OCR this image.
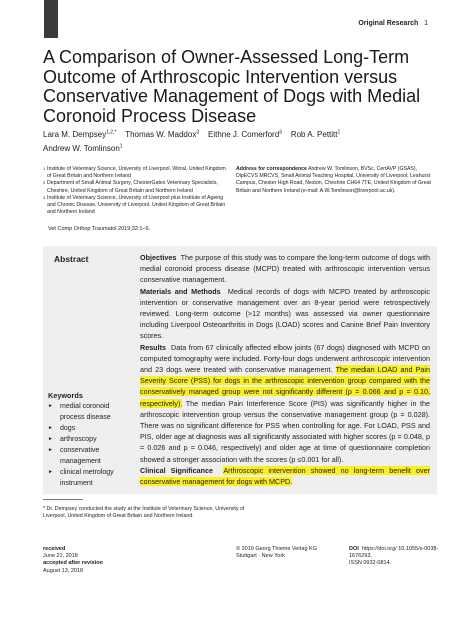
Original Research 1
A Comparison of Owner-Assessed Long-Term Outcome of Arthroscopic Intervention versus Conservative Management of Dogs with Medial Coronoid Process Disease
Lara M. Dempsey$^{1,2,*}$ Thomas W. Maddox$^3$ Eithne J. Comerford$^3$ Rob A. Pettitt$^1$
Andrew W. Tomlinson$^1$
1 Institute of Veterinary Science, University of Liverpool, Wirral, United Kingdom of Great Britain and Northern Ireland
2 Department of Small Animal Surgery, ChesterGates Veterinary Specialists, Cheshire, United Kingdom of Great Britain and Northern Ireland
3 Institute of Veterinary Science, University of Liverpool plus Institute of Ageing and Chronic Disease, University of Liverpool, United Kingdom of Great Britain and Northern Ireland
Address for correspondence Andrew W. Tomlinson, BVSc, CertAVP (GSAS), DipECVS MRCVS, Small Animal Teaching Hospital, University of Liverpool, Leahurst Campus, Chester High Road, Neston, Cheshire CH64 7TE, United Kingdom of Great Britain and Northern Ireland (e-mail: A.W.Tomlinson@liverpool.ac.uk).
Vet Comp Orthop Traumatol 2019;32:1–9.
Abstract	Objectives The purpose of this study was to compare the long-term outcome of dogs with medial coronoid process disease (MCPD) treated with arthroscopic intervention versus conservative management.

Materials and Methods Medical records of dogs with MCPD treated by arthroscopic intervention or conservative management over an 8-year period were retrospectively reviewed. Long-term outcome (>12 months) was assessed via owner questionnaire including Liverpool Osteoarthritis in Dogs (LOAD) scores and Canine Brief Pain Inventory scores.

Results Data from 67 clinically affected elbow joints (67 dogs) diagnosed with MCPD on computed tomography were included. Forty-four dogs underwent arthroscopic intervention and 23 dogs were treated with conservative management. The median LOAD and Pain Severity Score (PSS) for dogs in the arthroscopic intervention group compared with the conservatively managed group were not significantly different (p = 0.066 and p = 0.10, respectively). The median Pain Interference Score (PIS) was significantly higher in the arthroscopic intervention group versus the conservative management group (p = 0.028). There was no significant difference for PSS when controlling for age. For LOAD, PSS and PIS, older age at diagnosis was all significantly associated with higher scores (p = 0.048, p = 0.026 and p = 0.046, respectively) and older age at time of questionnaire completion showed a stronger association with the scores (p ≤0.001 for all).

Clinical Significance Arthroscopic intervention showed no long-term benefit over conservative management for dogs with MCPD.

Keywords
► medial coronoid process disease
► dogs
► arthroscopy
► conservative management
► clinical metrology instrument
* Dr. Dempsey conducted the study at the Institute of Veterinary Science, University of Liverpool, United Kingdom of Great Britain and Northern Ireland.
received
June 21, 2018
accepted after revision
August 13, 2018
© 2019 Georg Thieme Verlag KG Stuttgart · New York
DOI https://doi.org/ 10.1055/s-0038-1676293.
ISSN 0932-0814.
